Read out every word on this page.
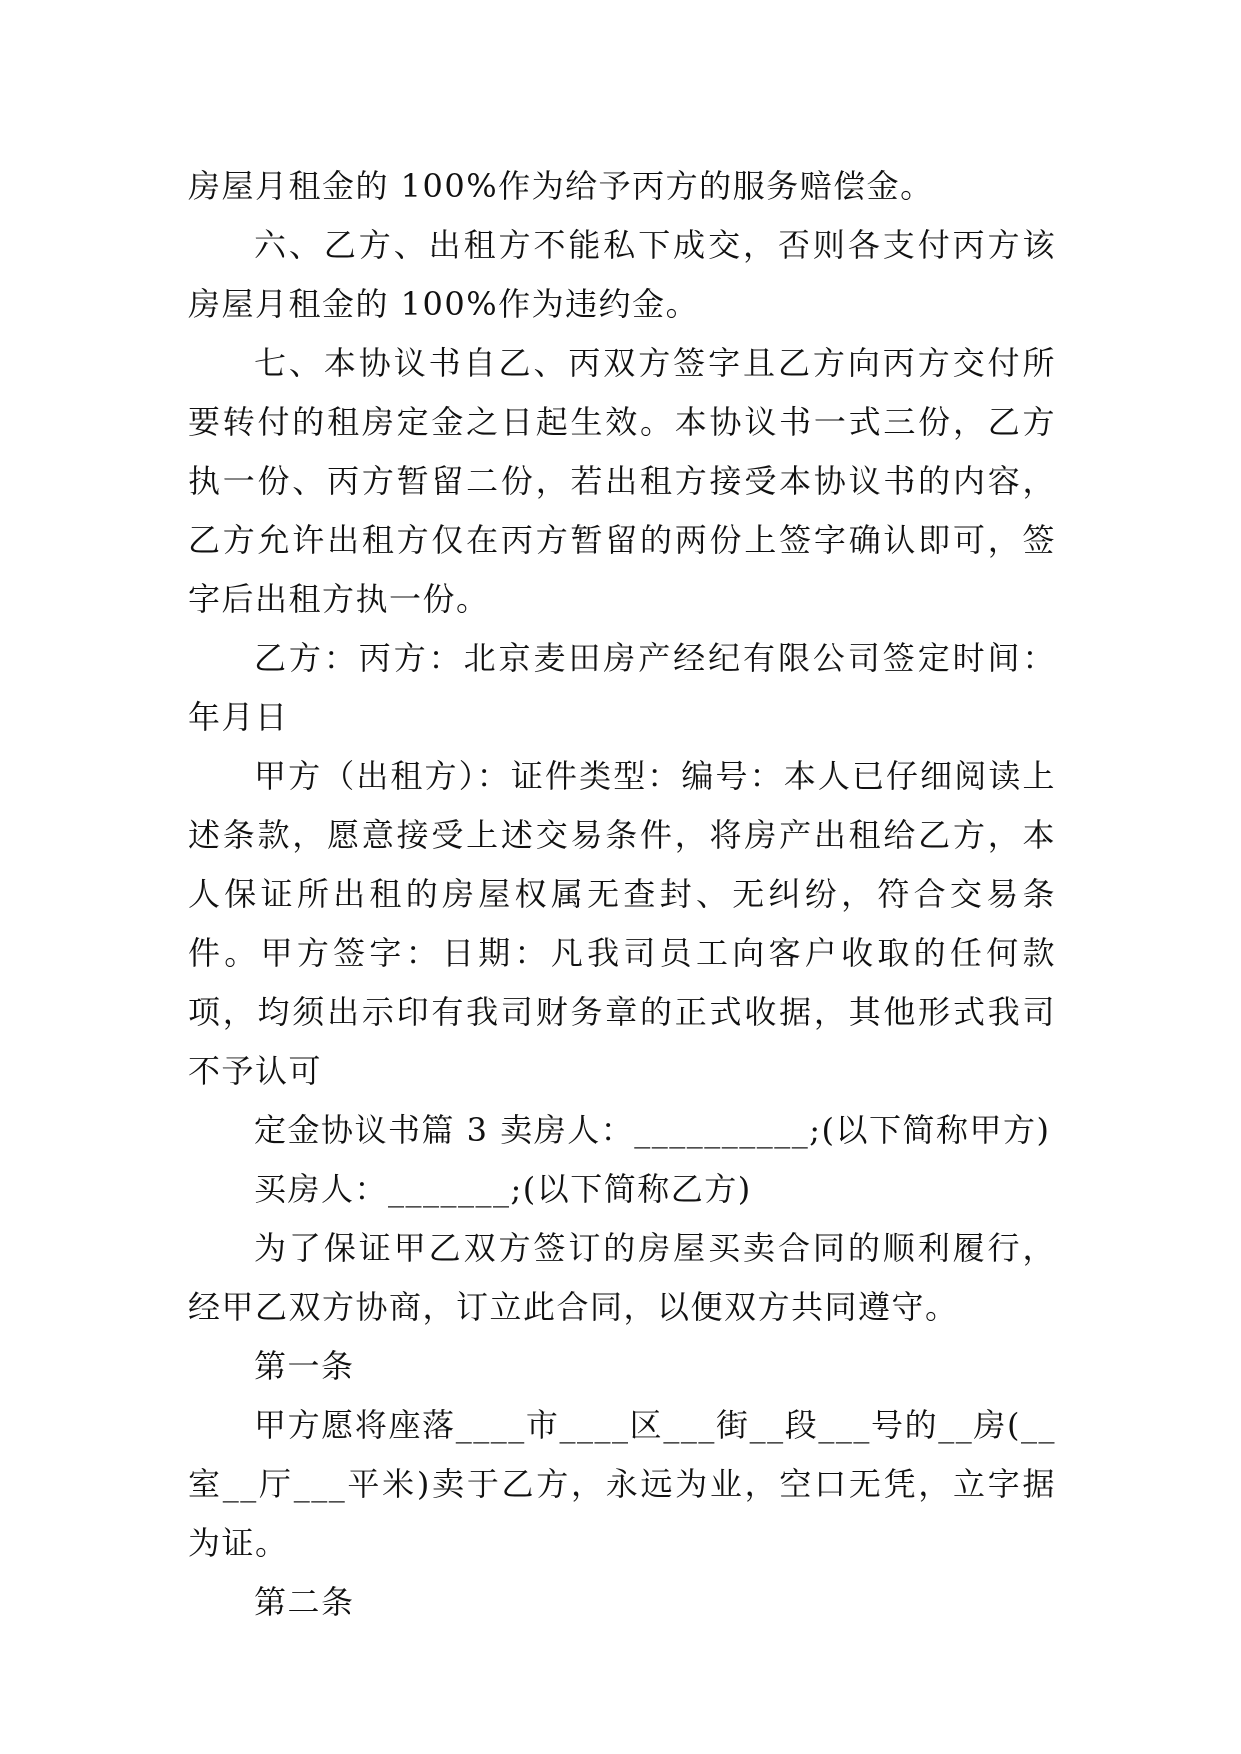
房屋月租金的 100%作为给予丙方的服务赔偿金。

六、乙方、出租方不能私下成交，否则各支付丙方该房屋月租金的 100%作为违约金。

七、本协议书自乙、丙双方签字且乙方向丙方交付所要转付的租房定金之日起生效。本协议书一式三份，乙方执一份、丙方暂留二份，若出租方接受本协议书的内容，乙方允许出租方仅在丙方暂留的两份上签字确认即可，签字后出租方执一份。

乙方：丙方：北京麦田房产经纪有限公司签定时间：年月日

甲方（出租方）：证件类型：编号：本人已仔细阅读上述条款，愿意接受上述交易条件，将房产出租给乙方，本人保证所出租的房屋权属无查封、无纠纷，符合交易条件。甲方签字：日期：凡我司员工向客户收取的任何款项，均须出示印有我司财务章的正式收据，其他形式我司不予认可

定金协议书篇 3 卖房人：__________;(以下简称甲方)

买房人：_______;(以下简称乙方)

为了保证甲乙双方签订的房屋买卖合同的顺利履行，经甲乙双方协商，订立此合同，以便双方共同遵守。

第一条

甲方愿将座落____市____区___街__段___号的__房(__室__厅___平米)卖于乙方，永远为业，空口无凭，立字据为证。

第二条
